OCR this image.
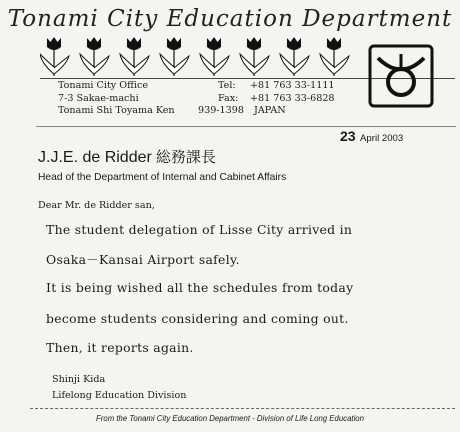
Tonami City Education Department
Tonami City Office
7-3 Sakae-machi
Tonami Shi Toyama Ken
Tel: +81 763 33-1111
Fax: +81 763 33-6828
939-1398 JAPAN
23 April 2003
J.J.E. de Ridder 総務課長
Head of the Department of Internal and Cabinet Affairs
Dear Mr. de Ridder san,
The student delegation of Lisse City arrived in
Osaka－Kansai Airport safely.
It is being wished all the schedules from today
become students considering and coming out.
Then, it reports again.
Shinji Kida
Lifelong Education Division
From the Tonami City Education Department - Division of Life Long Education
